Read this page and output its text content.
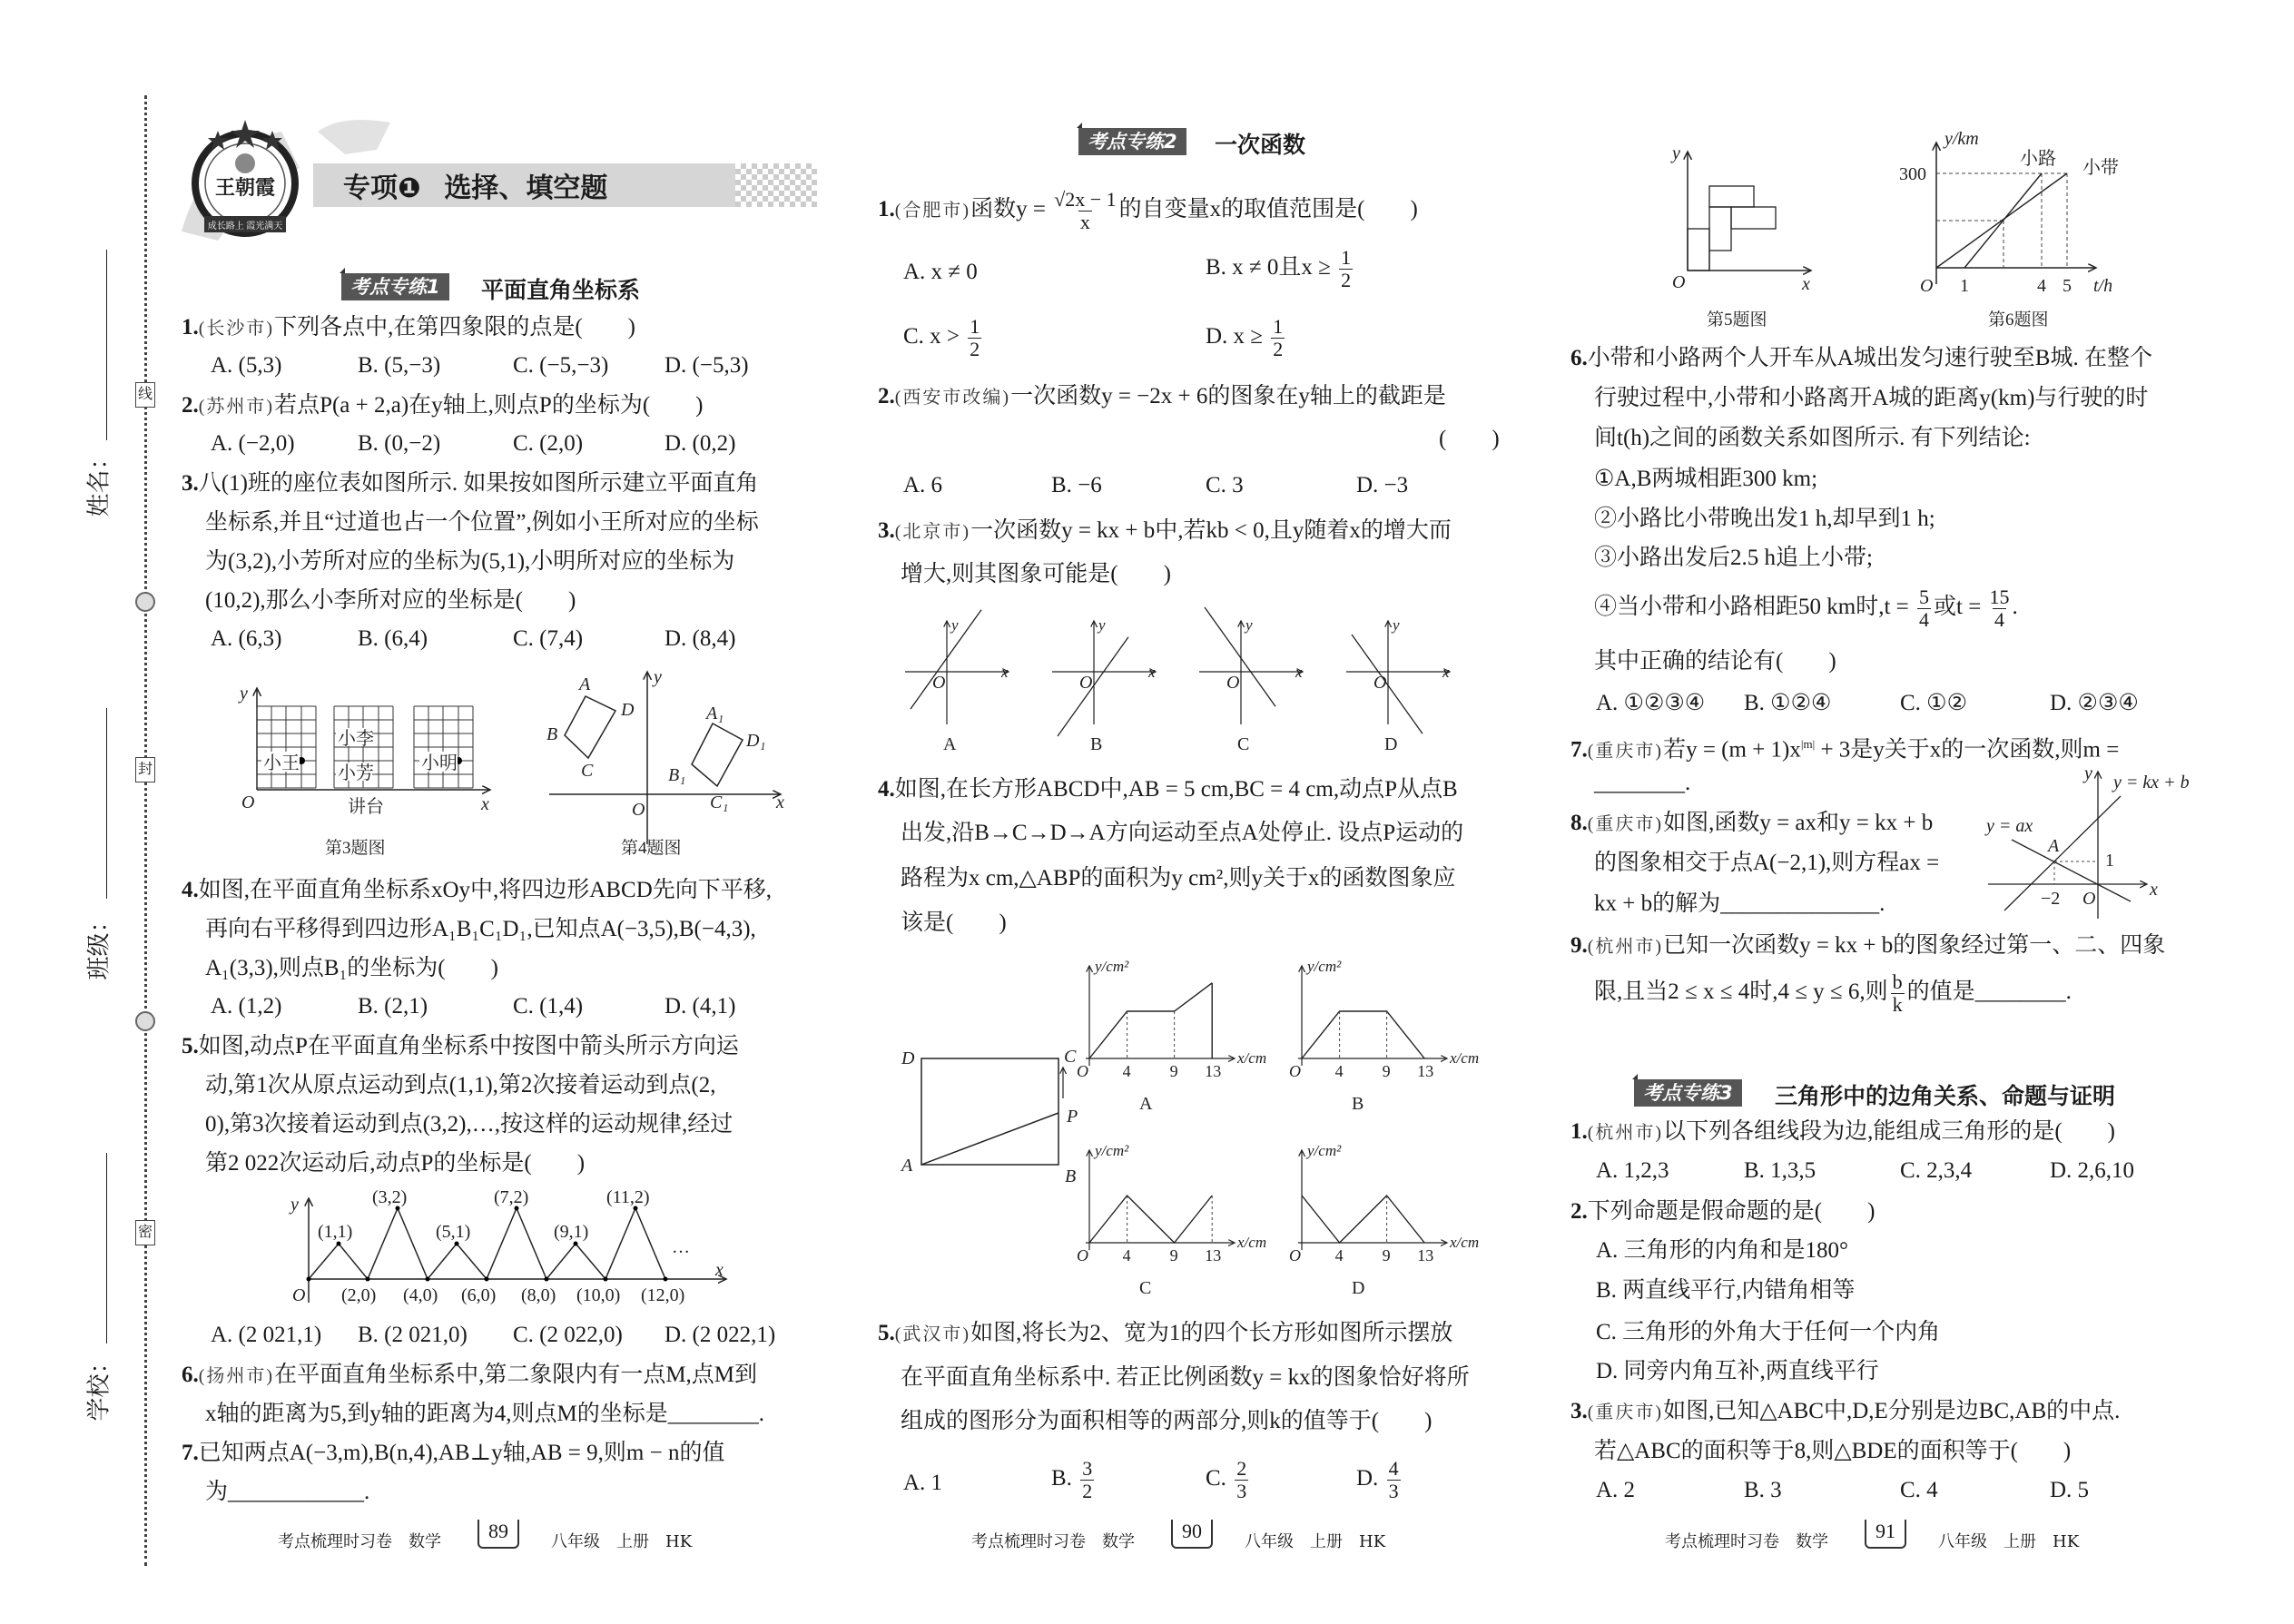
姓名：
班级：
学校：
线
封
密
王朝霞
成长路上 霞光满天
专项❶ 选择、填空题
考点专练1	平面直角坐标系
1.(长沙市)下列各点中,在第四象限的点是(　　)
A. (5,3)	B. (5,−3)	C. (−5,−3) D. (−5,3)
2.(苏州市)若点P(a + 2,a)在y轴上,则点P的坐标为(　　)
A. (−2,0)	B. (0,−2)	C. (2,0)	D. (0,2)
3.八(1)班的座位表如图所示. 如果按如图所示建立平面直角
坐标系,并且“过道也占一个位置”,例如小王所对应的坐标
为(3,2),小芳所对应的坐标为(5,1),小明所对应的坐标为
(10,2),那么小李所对应的坐标是(　　)
A. (6,3)	B. (6,4)	C. (7,4)	D. (8,4)
小王
小李
小芳	小明
讲台
O	x
y
第3题图
A
B
C
D	A₁
B₁
C₁
D₁
O	x
y
第4题图
4.如图,在平面直角坐标系xOy中,将四边形ABCD先向下平移,
再向右平移得到四边形A₁B₁C₁D₁,已知点A(−3,5),B(−4,3),
A₁(3,3),则点B₁的坐标为(　　)
A. (1,2)	B. (2,1)	C. (1,4)	D. (4,1)
5.如图,动点P在平面直角坐标系中按图中箭头所示方向运
动,第1次从原点运动到点(1,1),第2次接着运动到点(2,
0),第3次接着运动到点(3,2),…,按这样的运动规律,经过
第2 022次运动后,动点P的坐标是(　　)
(1,1)
(3,2)
(5,1)
(7,2)
(9,1)
(11,2)
(2,0) (4,0) (6,0) (8,0) (10,0) (12,0)
…
O
x
y
A. (2 021,1) B. (2 021,0) C. (2 022,0) D. (2 022,1)
6.(扬州市)在平面直角坐标系中,第二象限内有一点M,点M到
x轴的距离为5,到y轴的距离为4,则点M的坐标是________.
7.已知两点A(−3,m),B(n,4),AB⊥y轴,AB = 9,则m − n的值
为____________.
考点专练2	一次函数
1.(合肥市)函数$y = \frac{√2x - 1}{x}$ 的自变量x的取值范围是(　　)
A. x ≠ 0	B. x ≠ 0且$x \ge \frac{1}{2}$
C. $x > \frac{1}{2}$	D. $x \ge \frac{1}{2}$
2.(西安市改编)一次函数y = −2x + 6的图象在y轴上的截距是
(　　)
A. 6	B. −6	C. 3	D. −3
3.(北京市)一次函数y = kx + b中,若kb < 0,且y随着x的增大而
增大,则其图象可能是(　　)
O
x
y
A
O
x
y
B
O
x
y
C
O
x
y
D
4.如图,在长方形ABCD中,AB = 5 cm,BC = 4 cm,动点P从点B
出发,沿B→C→D→A方向运动至点A处停止. 设点P运动的
路程为x cm,△ABP的面积为y cm²,则y关于x的函数图象应
该是(　　)
A
B
C
D
P
y/cm²
x/cm
O 4 9 13
A
y/cm²
x/cm
O 4 9 13
B
y/cm²
x/cm
O 4 9 13
C
y/cm²
x/cm
O 4 9 13
D
5.(武汉市)如图,将长为2、宽为1的四个长方形如图所示摆放
在平面直角坐标系中. 若正比例函数y = kx的图象恰好将所
组成的图形分为面积相等的两部分,则k的值等于(　　)
A. 1	B. $\frac{3}{2}$	C. $\frac{2}{3}$	D. $\frac{4}{3}$
y
O	x
第5题图
300
1	4 5
O	t/h
y/km
小路 小带
第6题图
6.小带和小路两个人开车从A城出发匀速行驶至B城. 在整个
行驶过程中,小带和小路离开A城的距离y(km)与行驶的时
间t(h)之间的函数关系如图所示. 有下列结论:
①A,B两城相距300 km;
②小路比小带晚出发1 h,却早到1 h;
③小路出发后2.5 h追上小带;
④当小带和小路相距50 km时$,t = \frac{5}{4}$ 或$t = \frac{15}{4}$ .
其中正确的结论有(　　)
A. ①②③④ B. ①②④	C. ①②	D. ②③④
7.(重庆市)若$y = (m + 1)x^{|m|} + 3$是y关于x的一次函数,则m =
________.
8.(重庆市)如图,函数y = ax和y = kx + b
的图象相交于点A(−2,1),则方程ax =
kx + b的解为______________.
y = kx + b
y = ax
A
1
−2 O	x
y
9.(杭州市)已知一次函数y = kx + b的图象经过第一、二、四象
限,且当2 ≤ x ≤ 4时,4 ≤ y ≤ 6,则 $\frac{b}{k}$ 的值是________.
考点专练3	三角形中的边角关系、命题与证明
1.(杭州市)以下列各组线段为边,能组成三角形的是(　　)
A. 1,2,3	B. 1,3,5	C. 2,3,4	D. 2,6,10
2.下列命题是假命题的是(　　)
A. 三角形的内角和是180°
B. 两直线平行,内错角相等
C. 三角形的外角大于任何一个内角
D. 同旁内角互补,两直线平行
3.(重庆市)如图,已知△ABC中,D,E分别是边BC,AB的中点.
若△ABC的面积等于8,则△BDE的面积等于(　　)
A. 2	B. 3	C. 4	D. 5
考点梳理时习卷　数学	89	八年级　上册　HK	考点梳理时习卷　数学	90	八年级　上册　HK	考点梳理时习卷　数学	91	八年级　上册　HK
